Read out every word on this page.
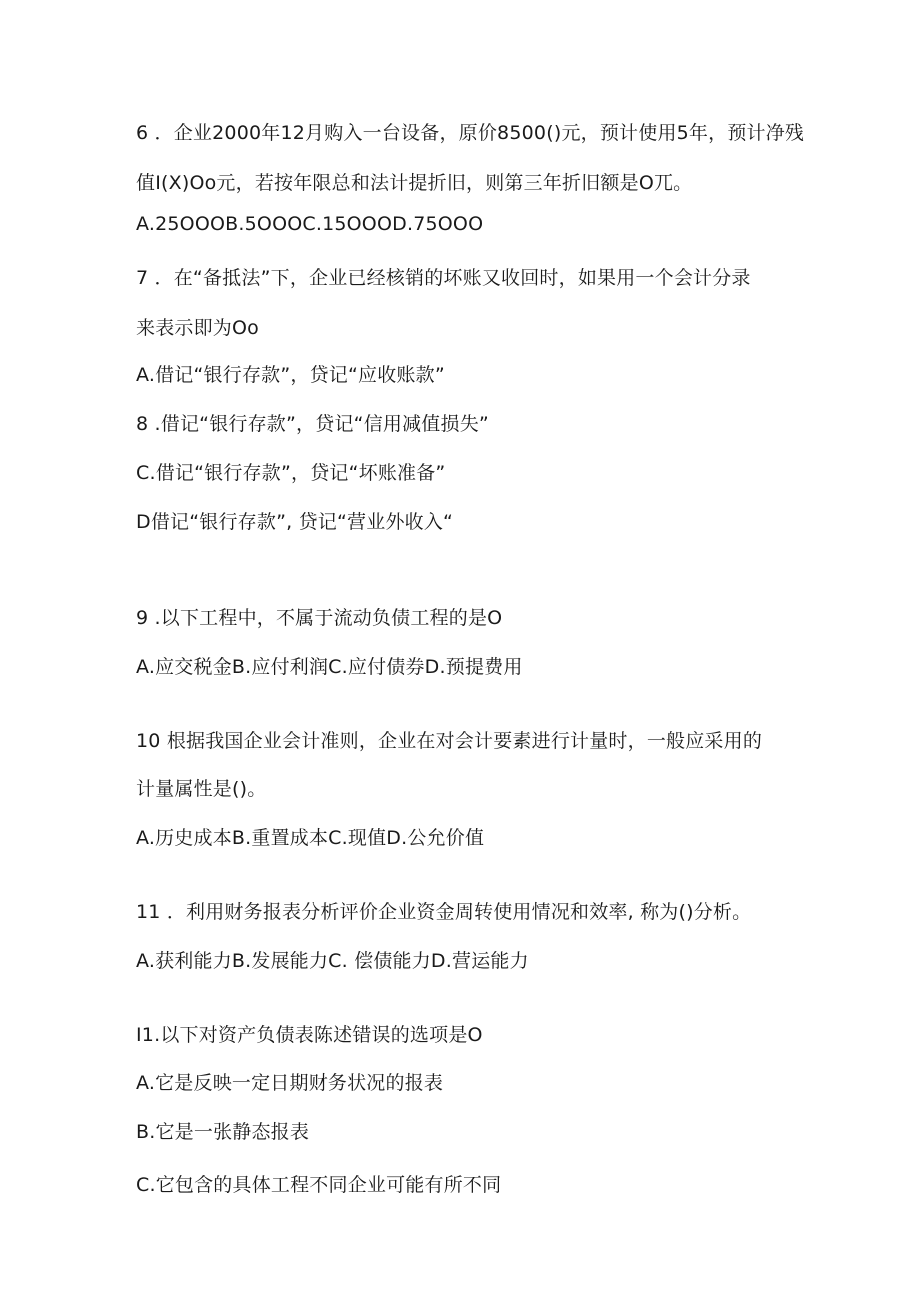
6 ．企业2000年12月购入一台设备，原价8500()元，预计使用5年，预计净残
值I(X)Oo元，若按年限总和法计提折旧，则第三年折旧额是O兀。
A.25OOOB.5OOOC.15OOOD.75OOO
7 ．在“备抵法”下，企业已经核销的坏账又收回时，如果用一个会计分录
来表示即为Oo
A.借记“银行存款”，贷记“应收账款”
8 .借记“银行存款”，贷记“信用减值损失”
C.借记“银行存款”，贷记“坏账准备”
D借记“银行存款”, 贷记“营业外收入“
9 .以下工程中，不属于流动负债工程的是O
A.应交税金B.应付利润C.应付债券D.预提费用
10 根据我国企业会计准则，企业在对会计要素进行计量时，一般应采用的
计量属性是()。
A.历史成本B.重置成本C.现值D.公允价值
11 ．利用财务报表分析评价企业资金周转使用情况和效率, 称为()分析。
A.获利能力B.发展能力C. 偿债能力D.营运能力
I1.以下对资产负债表陈述错误的选项是O
A.它是反映一定日期财务状况的报表
B.它是一张静态报表
C.它包含的具体工程不同企业可能有所不同
